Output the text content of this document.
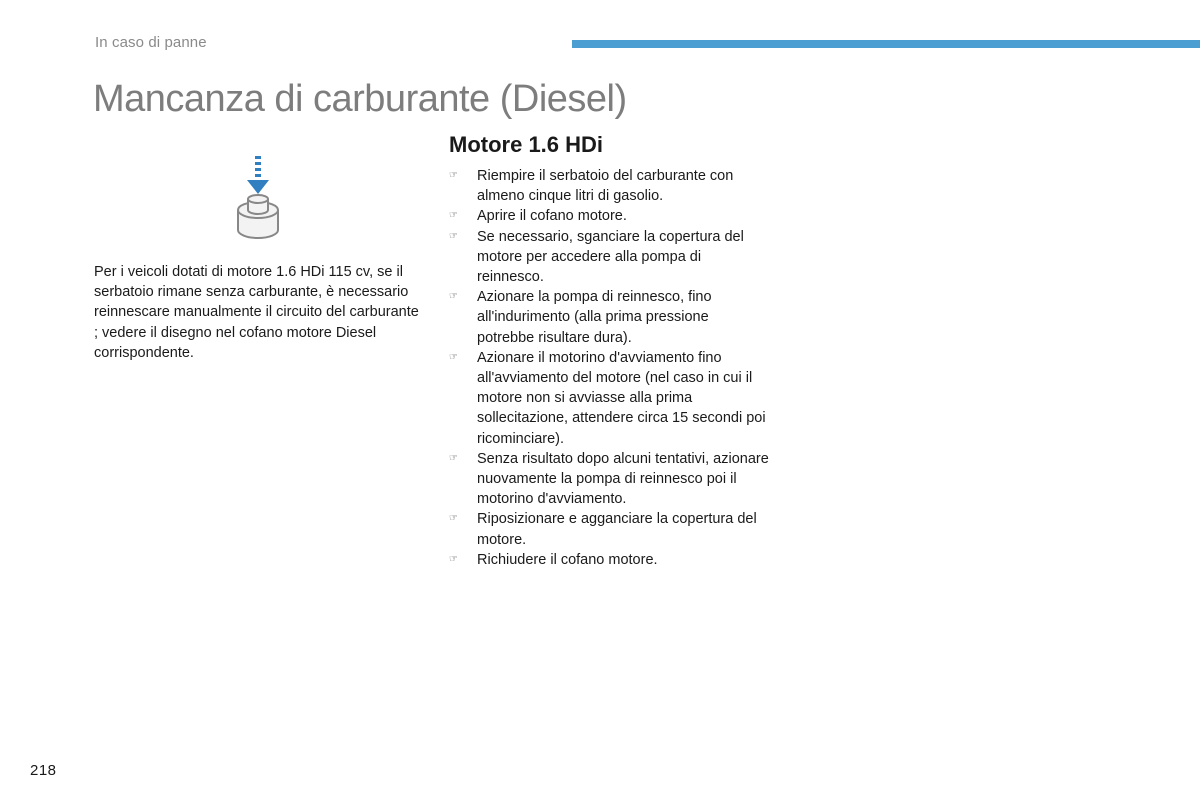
In caso di panne
Mancanza di carburante (Diesel)

Per i veicoli dotati di motore 1.6 HDi 115 cv, se il serbatoio rimane senza carburante, è necessario reinnescare manualmente il circuito del carburante ; vedere il disegno nel cofano motore Diesel corrispondente.

Motore 1.6 HDi
☞ Riempire il serbatoio del carburante con almeno cinque litri di gasolio.
☞ Aprire il cofano motore.
☞ Se necessario, sganciare la copertura del motore per accedere alla pompa di reinnesco.
☞ Azionare la pompa di reinnesco, fino all'indurimento (alla prima pressione potrebbe risultare dura).
☞ Azionare il motorino d'avviamento fino all'avviamento del motore (nel caso in cui il motore non si avviasse alla prima sollecitazione, attendere circa 15 secondi poi ricominciare).
☞ Senza risultato dopo alcuni tentativi, azionare nuovamente la pompa di reinnesco poi il motorino d'avviamento.
☞ Riposizionare e agganciare la copertura del motore.
☞ Richiudere il cofano motore.
218
